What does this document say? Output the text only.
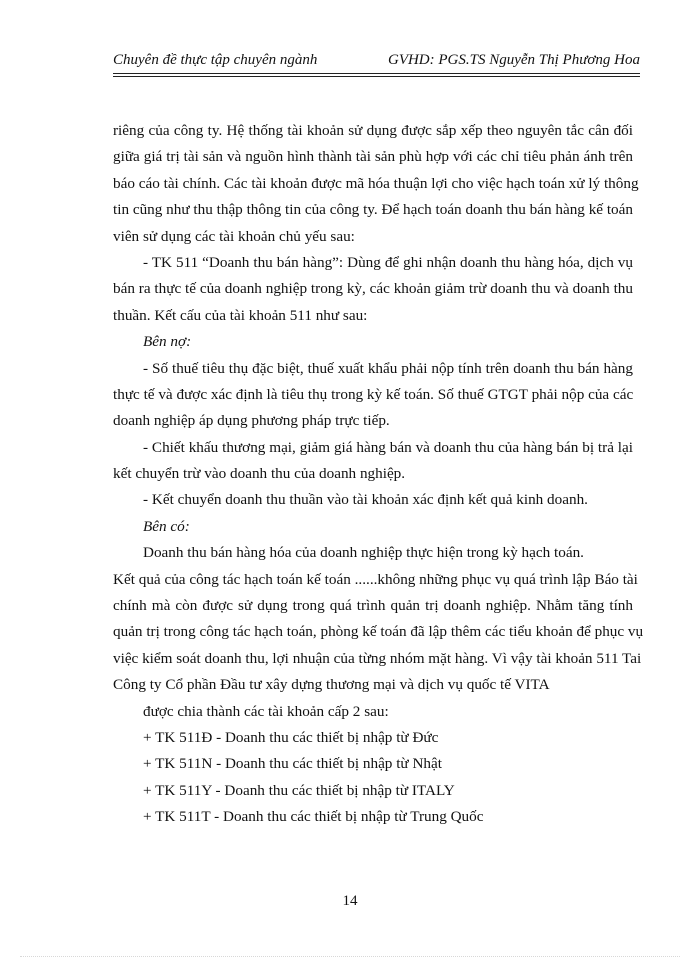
Chuyên đề thực tập chuyên ngành	GVHD: PGS.TS Nguyễn Thị Phương Hoa
riêng của công ty. Hệ thống tài khoản sử dụng được sắp xếp theo nguyên tắc cân đối
giữa giá trị tài sản và nguồn hình thành tài sản phù hợp với các chỉ tiêu phản ánh trên
báo cáo tài chính. Các tài khoản được mã hóa thuận lợi cho việc hạch toán xử lý thông
tin cũng như thu thập thông tin của công ty. Để hạch toán doanh thu bán hàng kế toán
viên sử dụng các tài khoản chủ yếu sau:
- TK 511 “Doanh thu bán hàng”: Dùng để ghi nhận doanh thu hàng hóa, dịch vụ
bán ra thực tế của doanh nghiệp trong kỳ, các khoản giảm trừ doanh thu và doanh thu
thuần. Kết cấu của tài khoản 511 như sau:
Bên nợ:
- Số thuế tiêu thụ đặc biệt, thuế xuất khẩu phải nộp tính trên doanh thu bán hàng
thực tế và được xác định là tiêu thụ trong kỳ kế toán. Số thuế GTGT phải nộp của các
doanh nghiệp áp dụng phương pháp trực tiếp.
- Chiết khấu thương mại, giảm giá hàng bán và doanh thu của hàng bán bị trả lại
kết chuyển trừ vào doanh thu của doanh nghiệp.
- Kết chuyển doanh thu thuần vào tài khoản xác định kết quả kinh doanh.
Bên có:
Doanh thu bán hàng hóa của doanh nghiệp thực hiện trong kỳ hạch toán.
Kết quả của công tác hạch toán kế toán ......không những phục vụ quá trình lập Báo tài
chính mà còn được sử dụng trong quá trình quản trị doanh nghiệp. Nhằm tăng tính
quản trị trong công tác hạch toán, phòng kế toán đã lập thêm các tiểu khoản để phục vụ
việc kiểm soát doanh thu, lợi nhuận của từng nhóm mặt hàng. Vì vậy tài khoản 511 Tai
Công ty Cổ phần Đầu tư xây dựng thương mại và dịch vụ quốc tế VITA
được chia thành các tài khoản cấp 2 sau:
+ TK 511Đ - Doanh thu các thiết bị nhập từ Đức
+ TK 511N - Doanh thu các thiết bị nhập từ Nhật
+ TK 511Y - Doanh thu các thiết bị nhập từ ITALY
+ TK 511T - Doanh thu các thiết bị nhập từ Trung Quốc
14
